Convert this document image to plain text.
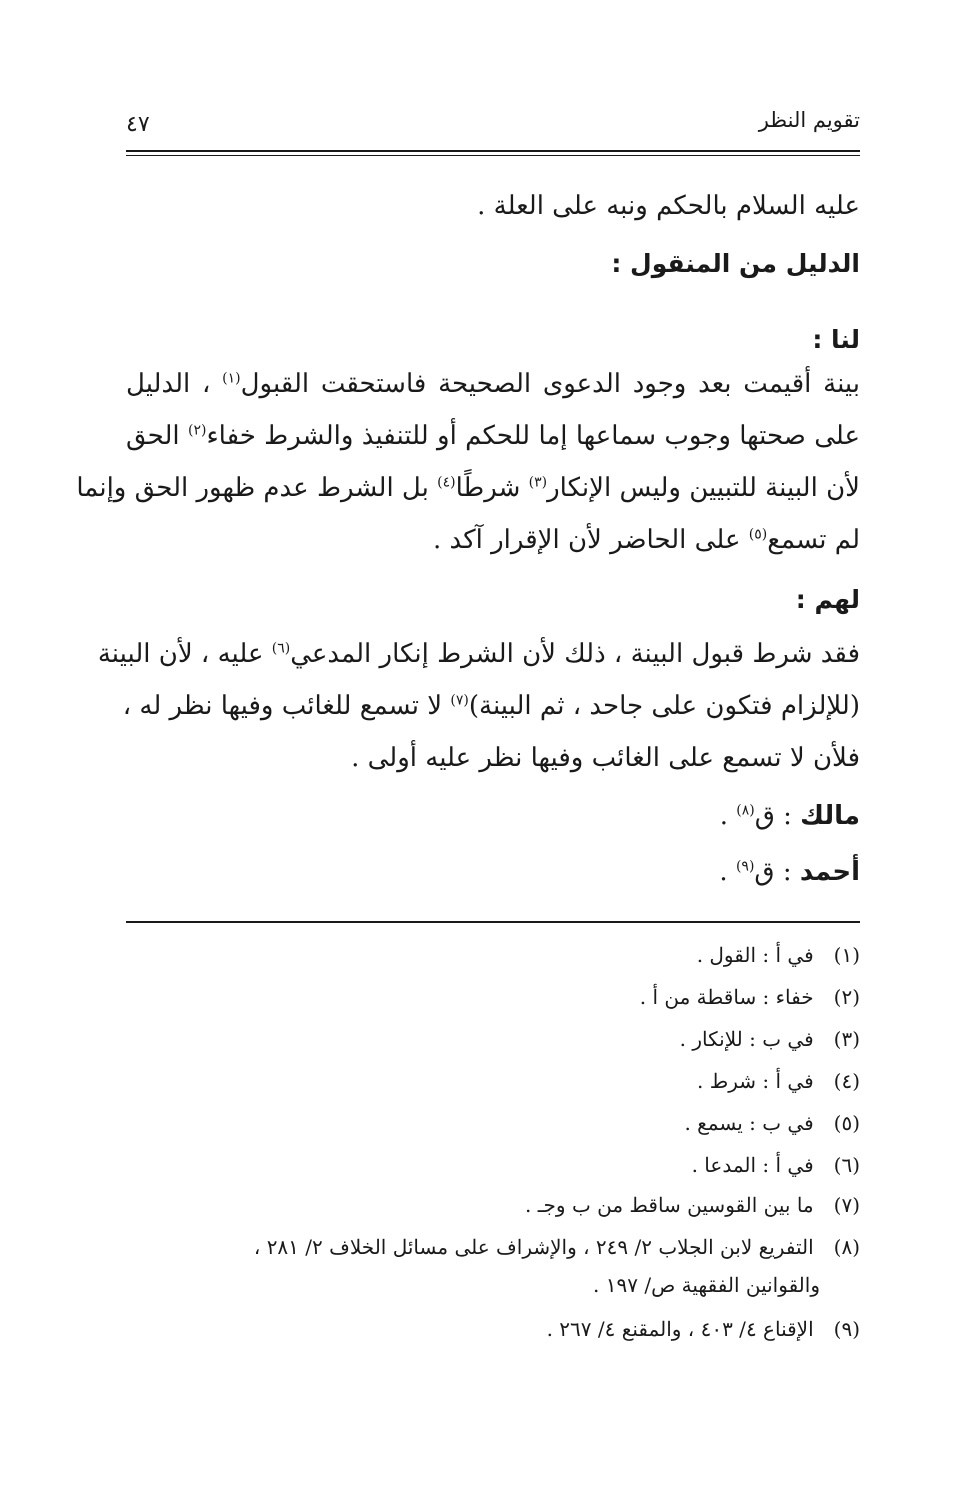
تقويم النظر
٤٧
عليه السلام بالحكم ونبه على العلة .
الدليل من المنقول :
لنا :
بينة أقيمت بعد وجود الدعوى الصحيحة فاستحقت القبول$^{(١)}$ ، الدليل
على صحتها وجوب سماعها إما للحكم أو للتنفيذ والشرط خفاء$^{(٢)}$ الحق
لأن البينة للتبيين وليس الإنكار$^{(٣)}$ شرطًا$^{(٤)}$ بل الشرط عدم ظهور الحق وإنما
لم تسمع$^{(٥)}$ على الحاضر لأن الإقرار آكد .
لهم :
فقد شرط قبول البينة ، ذلك لأن الشرط إنكار المدعي$^{(٦)}$ عليه ، لأن البينة
(للإلزام فتكون على جاحد ، ثم البينة)$^{(٧)}$ لا تسمع للغائب وفيها نظر له ،
فلأن لا تسمع على الغائب وفيها نظر عليه أولى .
مالك : ق$^{(٨)}$ .
أحمد : ق$^{(٩)}$ .
(١) في أ : القول .
(٢) خفاء : ساقطة من أ .
(٣) في ب : للإنكار .
(٤) في أ : شرط .
(٥) في ب : يسمع .
(٦) في أ : المدعا .
(٧) ما بين القوسين ساقط من ب وجـ .
(٨) التفريع لابن الجلاب ٢/ ٢٤٩ ، والإشراف على مسائل الخلاف ٢/ ٢٨١ ،
والقوانين الفقهية ص/ ١٩٧ .
(٩) الإقناع ٤/ ٤٠٣ ، والمقنع ٤/ ٢٦٧ .
